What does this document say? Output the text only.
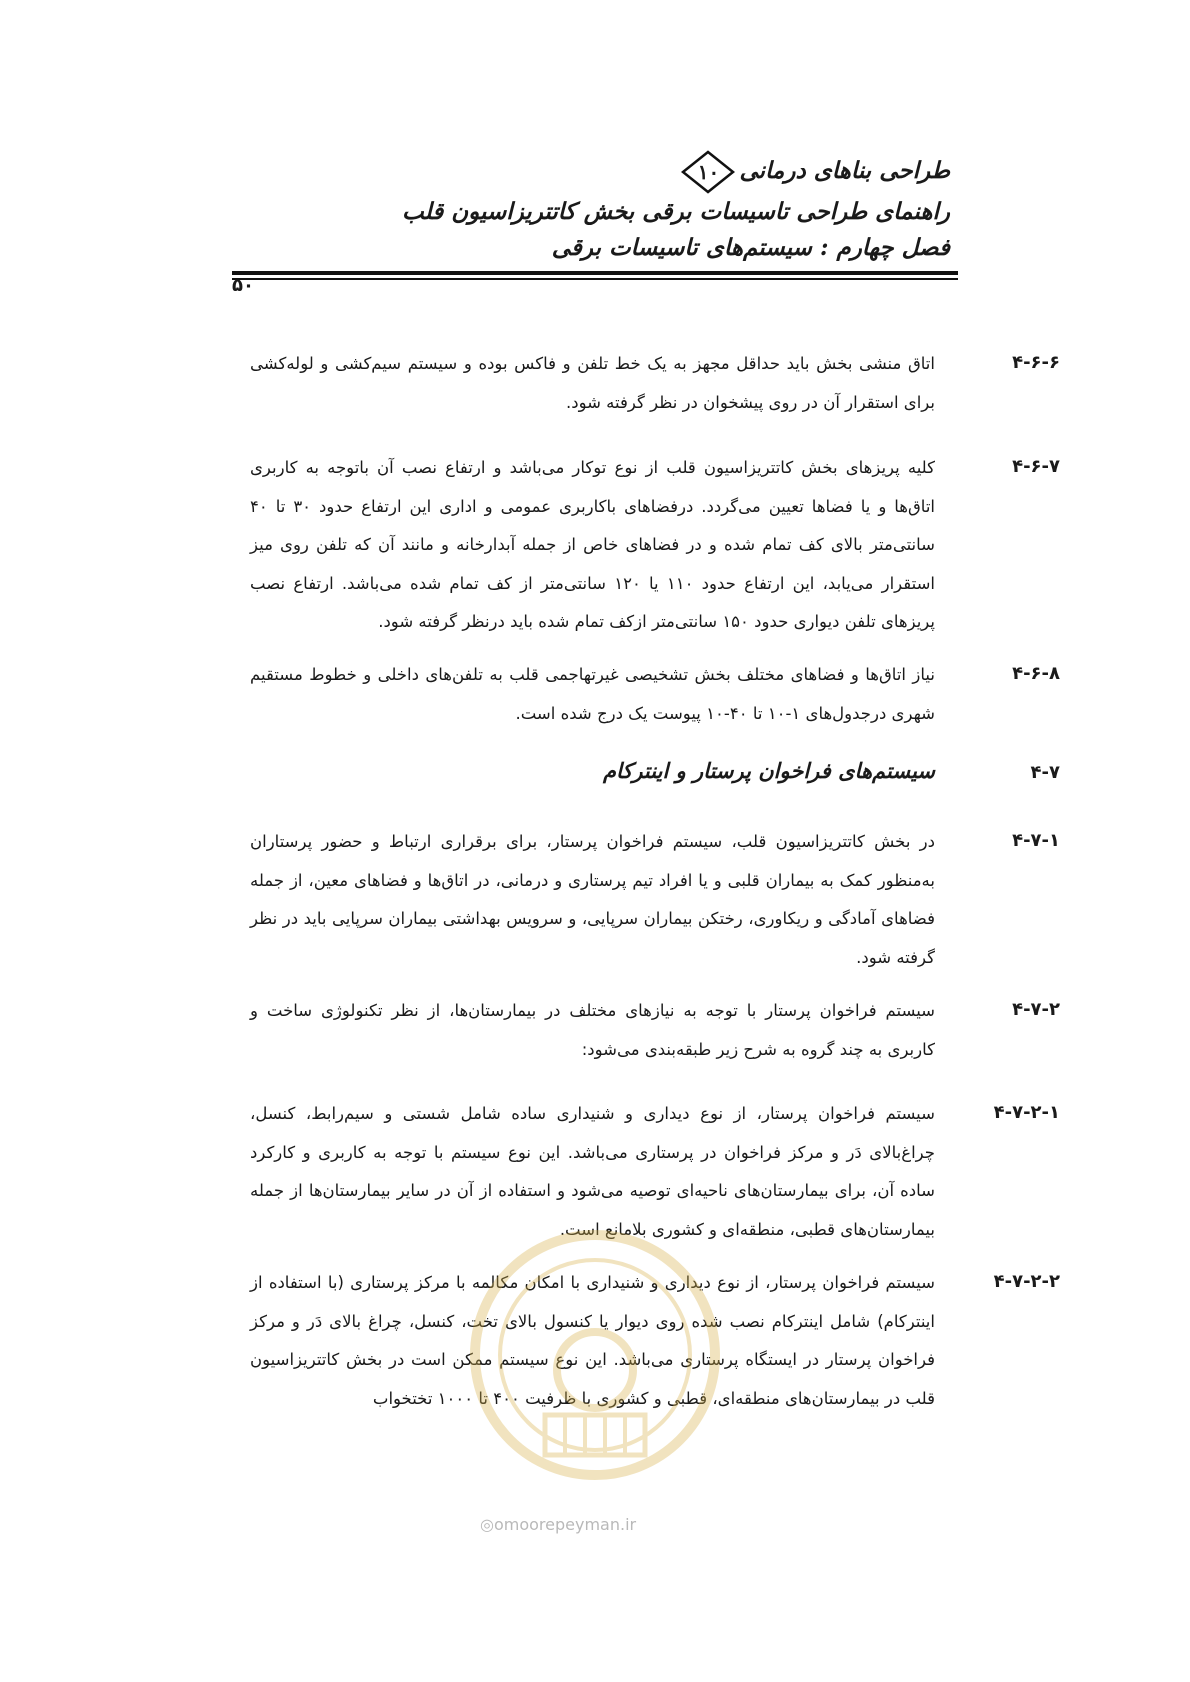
طراحی بناهای درمانی
۱۰
راهنمای طراحی تاسیسات برقی بخش کاتتریزاسیون قلب
فصل چهارم : سیستم‌های تاسیسات برقی
۵۰
۴-۶-۶
اتاق منشی بخش باید حداقل مجهز به یک خط تلفن و فاکس بوده و سیستم سیم‌کشی و لوله‌کشی برای استقرار آن در روی پیشخوان در نظر گرفته شود.
۴-۶-۷
کلیه پریزهای بخش کاتتریزاسیون قلب از نوع توکار می‌باشد و ارتفاع نصب آن باتوجه به کاربری اتاق‌ها و یا فضاها تعیین می‌گردد. درفضاهای باکاربری عمومی و اداری این ارتفاع حدود ۳۰ تا ۴۰ سانتی‌متر بالای کف تمام شده و در فضاهای خاص از جمله آبدارخانه و مانند آن که تلفن روی میز استقرار می‌یابد، این ارتفاع حدود ۱۱۰ یا ۱۲۰ سانتی‌متر از کف تمام شده می‌باشد. ارتفاع نصب پریزهای تلفن دیواری حدود ۱۵۰ سانتی‌متر ازکف تمام شده باید درنظر گرفته شود.
۴-۶-۸
نیاز اتاق‌ها و فضاهای مختلف بخش تشخیصی غیرتهاجمی قلب به تلفن‌های داخلی و خطوط مستقیم شهری درجدول‌های ۱-۱۰ تا ۴۰-۱۰ پیوست یک درج شده است.
۴-۷
سیستم‌های فراخوان پرستار و اینترکام
۴-۷-۱
در بخش کاتتریزاسیون قلب، سیستم فراخوان پرستار، برای برقراری ارتباط و حضور پرستاران به‌منظور کمک به بیماران قلبی و یا افراد تیم پرستاری و درمانی، در اتاق‌ها و فضاهای معین، از جمله فضاهای آمادگی و ریکاوری، رختکن بیماران سرپایی، و سرویس بهداشتی بیماران سرپایی باید در نظر گرفته شود.
۴-۷-۲
سیستم فراخوان پرستار با توجه به نیازهای مختلف در بیمارستان‌ها، از نظر تکنولوژی ساخت و کاربری به چند گروه به شرح زیر طبقه‌بندی می‌شود:
۴-۷-۲-۱
سیستم فراخوان پرستار، از نوع دیداری و شنیداری ساده شامل شستی و سیم‌رابط، کنسل، چراغ‌بالای دَر و مرکز فراخوان در پرستاری می‌باشد. این نوع سیستم با توجه به کاربری و کارکرد ساده آن، برای بیمارستان‌های ناحیه‌ای توصیه می‌شود و استفاده از آن در سایر بیمارستان‌ها از جمله بیمارستان‌های قطبی، منطقه‌ای و کشوری بلامانع است.
۴-۷-۲-۲
سیستم فراخوان پرستار، از نوع دیداری و شنیداری با امکان مکالمه با مرکز پرستاری (با استفاده از اینترکام) شامل اینترکام نصب شده روی دیوار یا کنسول بالای تخت، کنسل، چراغ بالای دَر و مرکز فراخوان پرستار در ایستگاه پرستاری می‌باشد. این نوع سیستم ممکن است در بخش کاتتریزاسیون قلب در بیمارستان‌های منطقه‌ای، قطبی و کشوری با ظرفیت ۴۰۰ تا ۱۰۰۰ تختخواب
◎omoorepeyman.ir
